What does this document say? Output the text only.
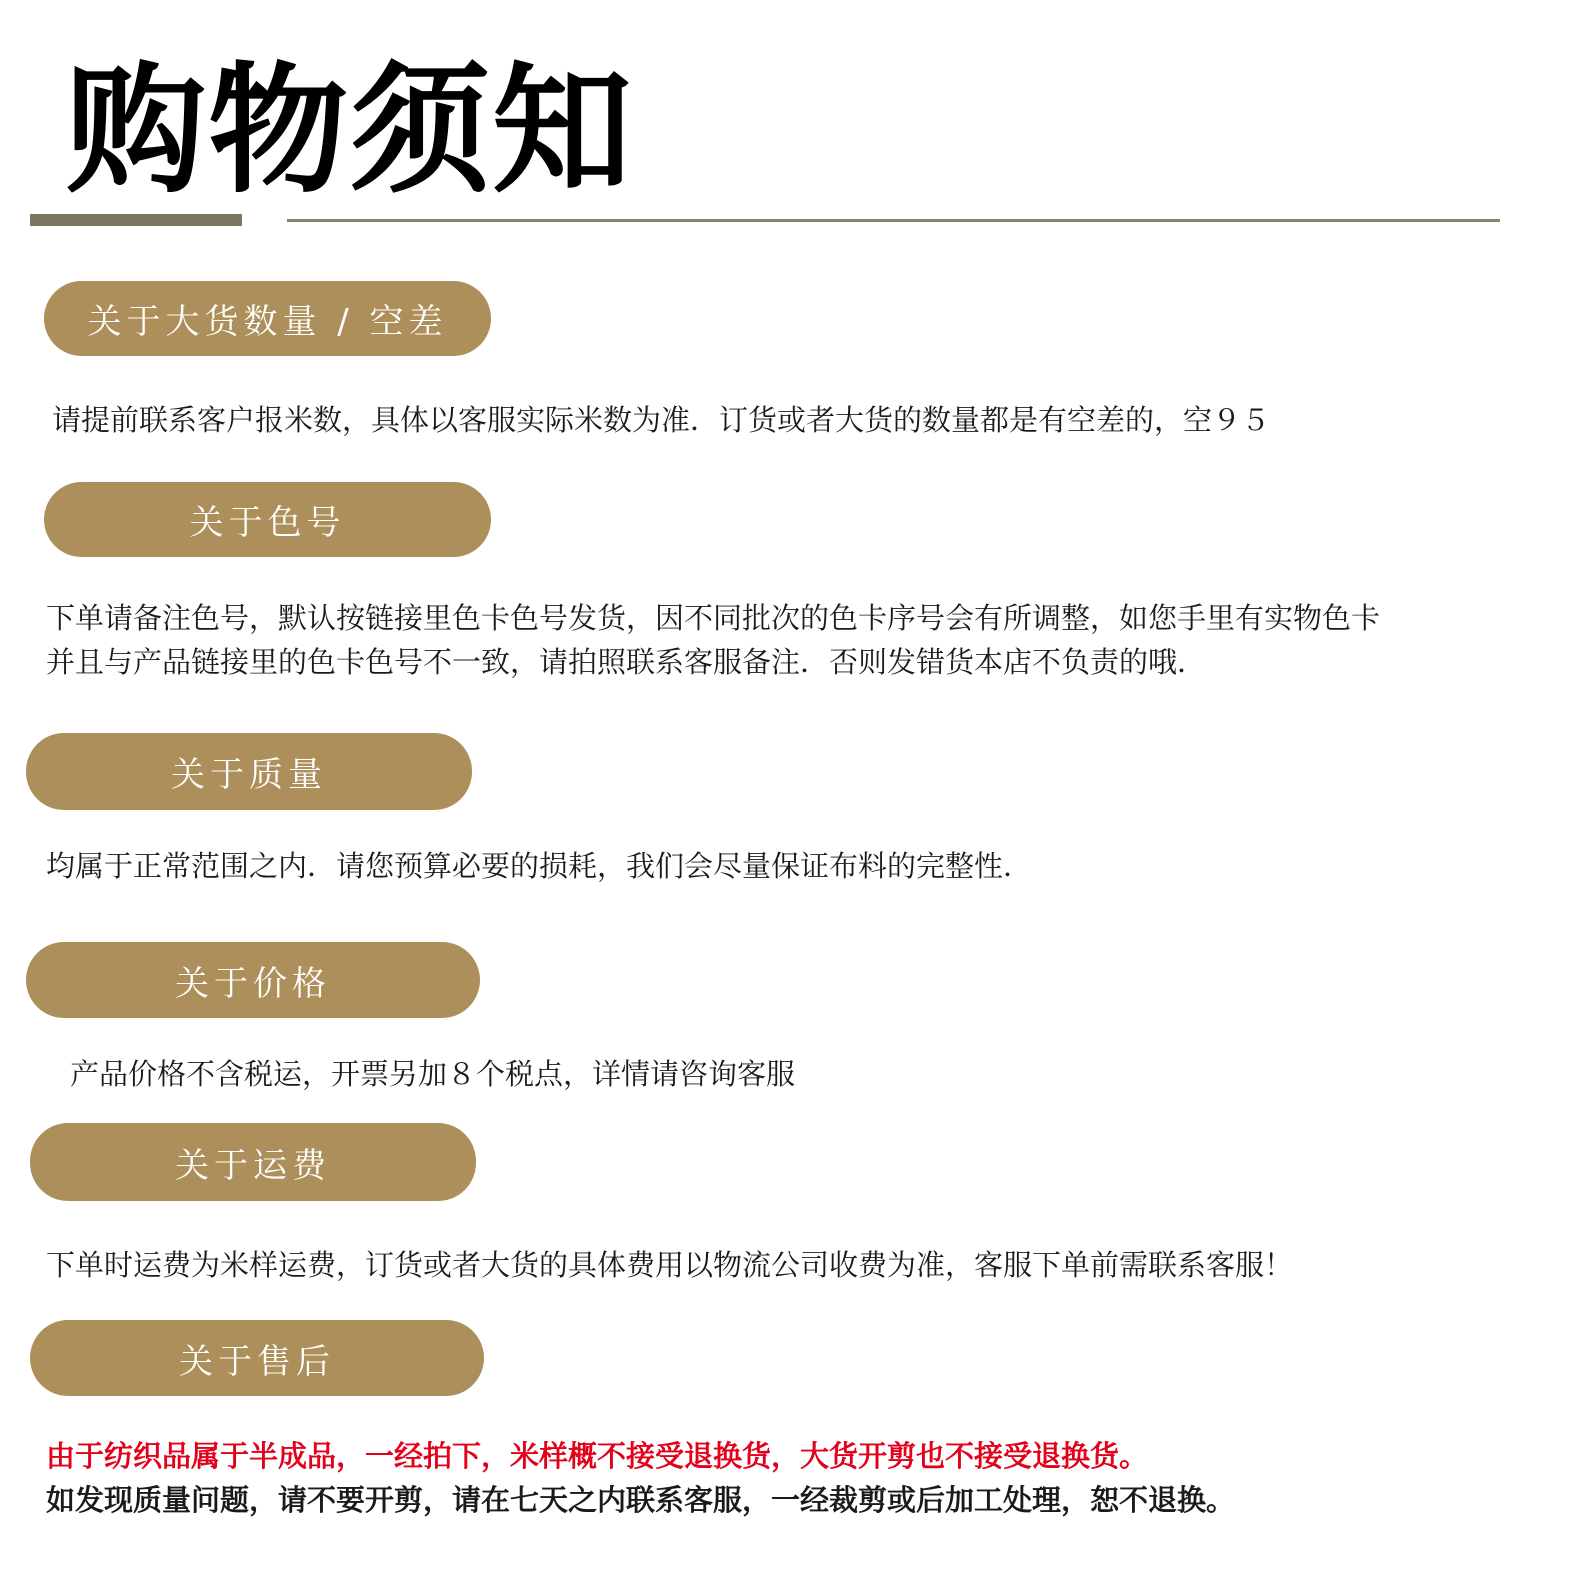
购物须知
关于大货数量 / 空差

请提前联系客户报米数，具体以客服实际米数为准．订货或者大货的数量都是有空差的，空９５

关于色号

下单请备注色号，默认按链接里色卡色号发货，因不同批次的色卡序号会有所调整，如您手里有实物色卡

并且与产品链接里的色卡色号不一致，请拍照联系客服备注．否则发错货本店不负责的哦．

关于质量

均属于正常范围之内．请您预算必要的损耗，我们会尽量保证布料的完整性．

关于价格

产品价格不含税运，开票另加８个税点，详情请咨询客服

关于运费

下单时运费为米样运费，订货或者大货的具体费用以物流公司收费为准，客服下单前需联系客服！

关于售后

由于纺织品属于半成品，一经拍下，米样概不接受退换货，大货开剪也不接受退换货。

如发现质量问题，请不要开剪，请在七天之内联系客服，一经裁剪或后加工处理，恕不退换。
